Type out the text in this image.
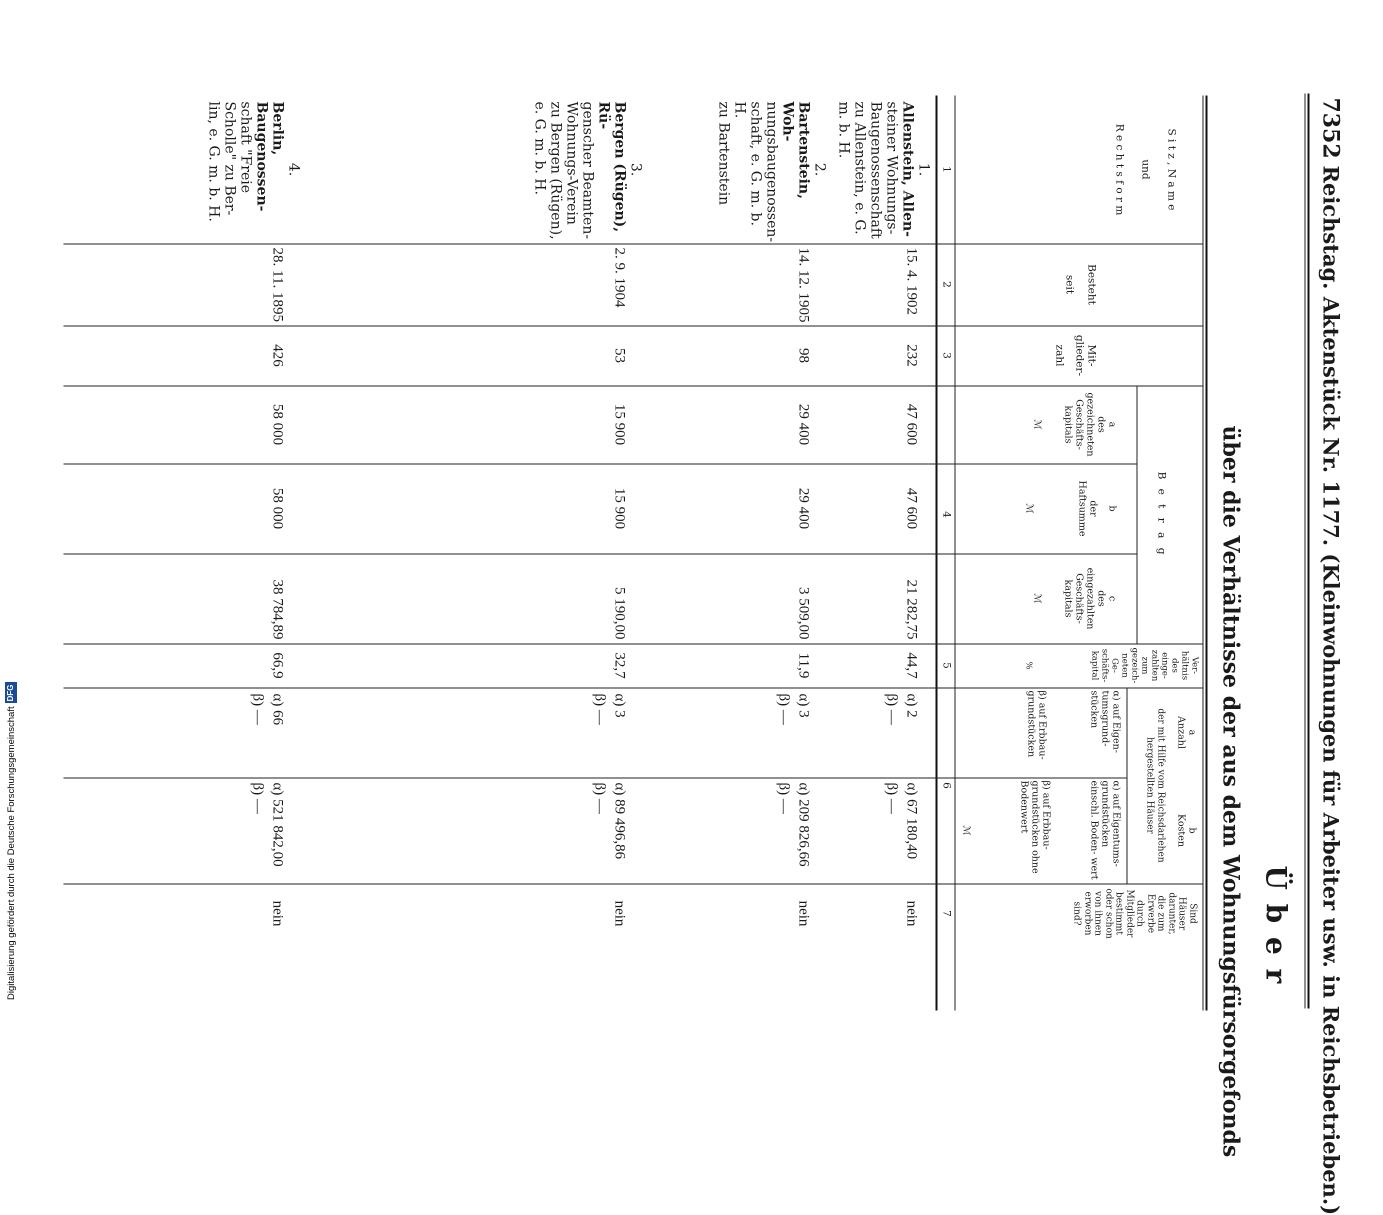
7352
Reichstag. Aktenstück Nr. 1177. (Kleinwohnungen für Arbeiter usw. in Reichsbetrieben.)
Ü b e r
über die Verhältnisse der aus dem Wohnungsfürsorgefonds
S i t z , N a m e
und
R e c h t s f o r m
Besteht
seit
Mit-
glieder-
zahl
B e t r a g
a
des
gezeichneten
Geschäfts-
kapitals
ℳ
b
der
Haftsumme
ℳ
c
des
eingezahlten
Geschäfts-
kapitals
ℳ
Ver-
hältnis
des
einge-
zahlten
zum
gezeich-
neten
Ge-
schäfts-
kapital
%
a
Anzahl
der mit Hilfe vom Reichsdarlehen
hergestellten Häuser
α) auf Eigen- tumsgrund- stücken
β) auf Erbbau- grundstücken
b
Kosten
α) auf Eigentums- grundstücken einschl. Boden- wert
β) auf Erbbau- grundstücken ohne Bodenwert
ℳ
Sind
Häuser
darunter,
die zum
Erwerbe
durch
Mitglieder
bestimmt
oder schon
von ihnen
erworben
sind?
1
2
3
4
5
6
7
1.
Allenstein, Allen-
steiner Wohnungs-
Baugenossenschaft
zu Allenstein, e. G.
m. b. H.
15. 4. 1902
232
47 600
47 600
21 282,75
44,7
α) 2
β) —
α) 67 180,40
β) —
nein
2.
Bartenstein, Woh-
nungsbaugenossen-
schaft, e. G. m. b. H.
zu Bartenstein
14. 12. 1905
98
29 400
29 400
3 509,00
11,9
α) 3
β) —
α) 209 826,66
β) —
nein
3.
Bergen (Rügen), Rü-
genscher Beamten-
Wohnungs-Verein
zu Bergen (Rügen),
e. G. m. b. H.
2. 9. 1904
53
15 900
15 900
5 190,00
32,7
α) 3
β) —
α) 89 496,86
β) —
nein
4.
Berlin, Baugenossen-
schaft "Freie
Scholle" zu Ber-
lin, e. G. m. b. H.
28. 11. 1895
426
58 000
58 000
38 784,89
66,9
α) 66
β) —
α) 521 842,00
β) —
nein
Digitalisierung gefördert durch die Deutsche ForschungsgemeinschaftDFG
